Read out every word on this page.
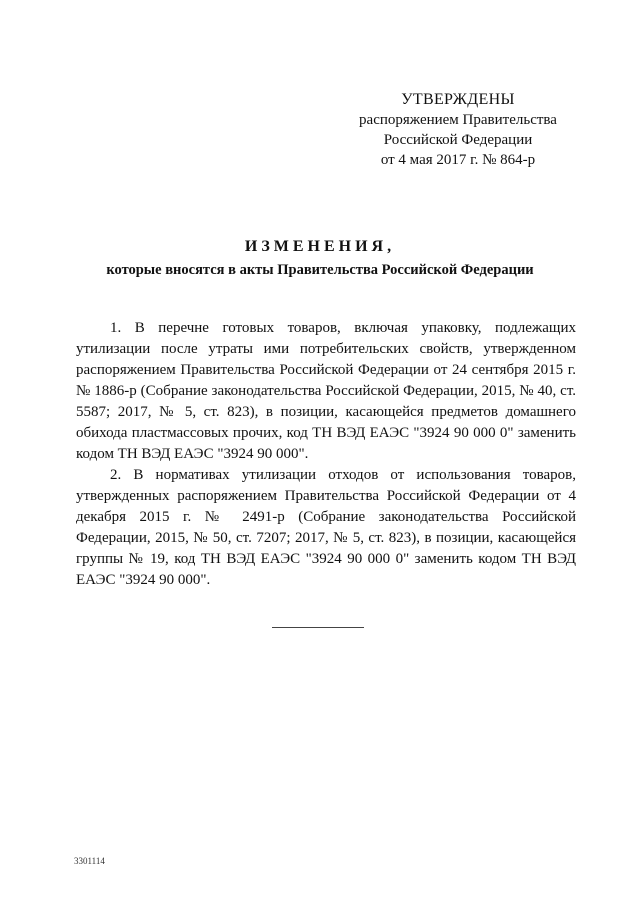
УТВЕРЖДЕНЫ
распоряжением Правительства
Российской Федерации
от 4 мая 2017 г. № 864-р
ИЗМЕНЕНИЯ,
которые вносятся в акты Правительства Российской Федерации

1. В перечне готовых товаров, включая упаковку, подлежащих утилизации после утраты ими потребительских свойств, утвержденном распоряжением Правительства Российской Федерации от 24 сентября 2015 г. № 1886-р (Собрание законодательства Российской Федерации, 2015, № 40, ст. 5587; 2017, № 5, ст. 823), в позиции, касающейся предметов домашнего обихода пластмассовых прочих, код ТН ВЭД ЕАЭС "3924 90 000 0" заменить кодом ТН ВЭД ЕАЭС "3924 90 000".

2. В нормативах утилизации отходов от использования товаров, утвержденных распоряжением Правительства Российской Федерации от 4 декабря 2015 г. № 2491-р (Собрание законодательства Российской Федерации, 2015, № 50, ст. 7207; 2017, № 5, ст. 823), в позиции, касающейся группы № 19, код ТН ВЭД ЕАЭС "3924 90 000 0" заменить кодом ТН ВЭД ЕАЭС "3924 90 000".

3301114
